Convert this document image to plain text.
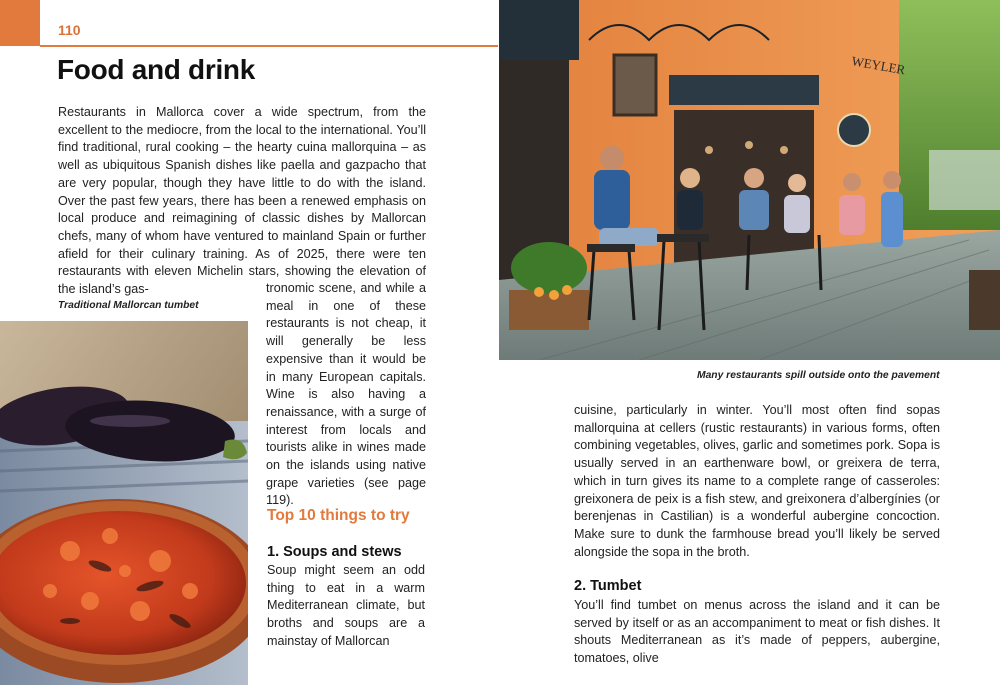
110
Food and drink
Restaurants in Mallorca cover a wide spectrum, from the excellent to the mediocre, from the local to the international. You’ll find traditional, rural cooking – the hearty cuina mallorquina – as well as ubiquitous Spanish dishes like paella and gazpacho that are very popular, though they have little to do with the island. Over the past few years, there has been a renewed emphasis on local produce and reimagining of classic dishes by Mallorcan chefs, many of whom have ventured to mainland Spain or further afield for their culinary training. As of 2025, there were ten restaurants with eleven Michelin stars, showing the elevation of the island’s gas-	tronomic scene, and while a meal in one of these restaurants is not cheap, it will generally be less expensive than it would be in many European capitals. Wine is also having a renaissance, with a surge of interest from locals and tourists alike in wines made on the islands using native grape varieties (see page 119).
Traditional Mallorcan tumbet
Top 10 things to try
1. Soups and stews
Soup might seem an odd thing to eat in a warm Mediterranean climate, but broths and soups are a mainstay of Mallorcan
WEYLER
Many restaurants spill outside onto the pavement
cuisine, particularly in winter. You’ll most often find sopas mallorquina at cellers (rustic restaurants) in various forms, often combining vegetables, olives, garlic and sometimes pork. Sopa is usually served in an earthenware bowl, or greixera de terra, which in turn gives its name to a complete range of casseroles: greixonera de peix is a fish stew, and greixonera d’albergínies (or berenjenas in Castilian) is a wonderful aubergine concoction. Make sure to dunk the farmhouse bread you’ll likely be served alongside the sopa in the broth.
2. Tumbet
You’ll find tumbet on menus across the island and it can be served by itself or as an accompaniment to meat or fish dishes. It shouts Mediterranean as it’s made of peppers, aubergine, tomatoes, olive
